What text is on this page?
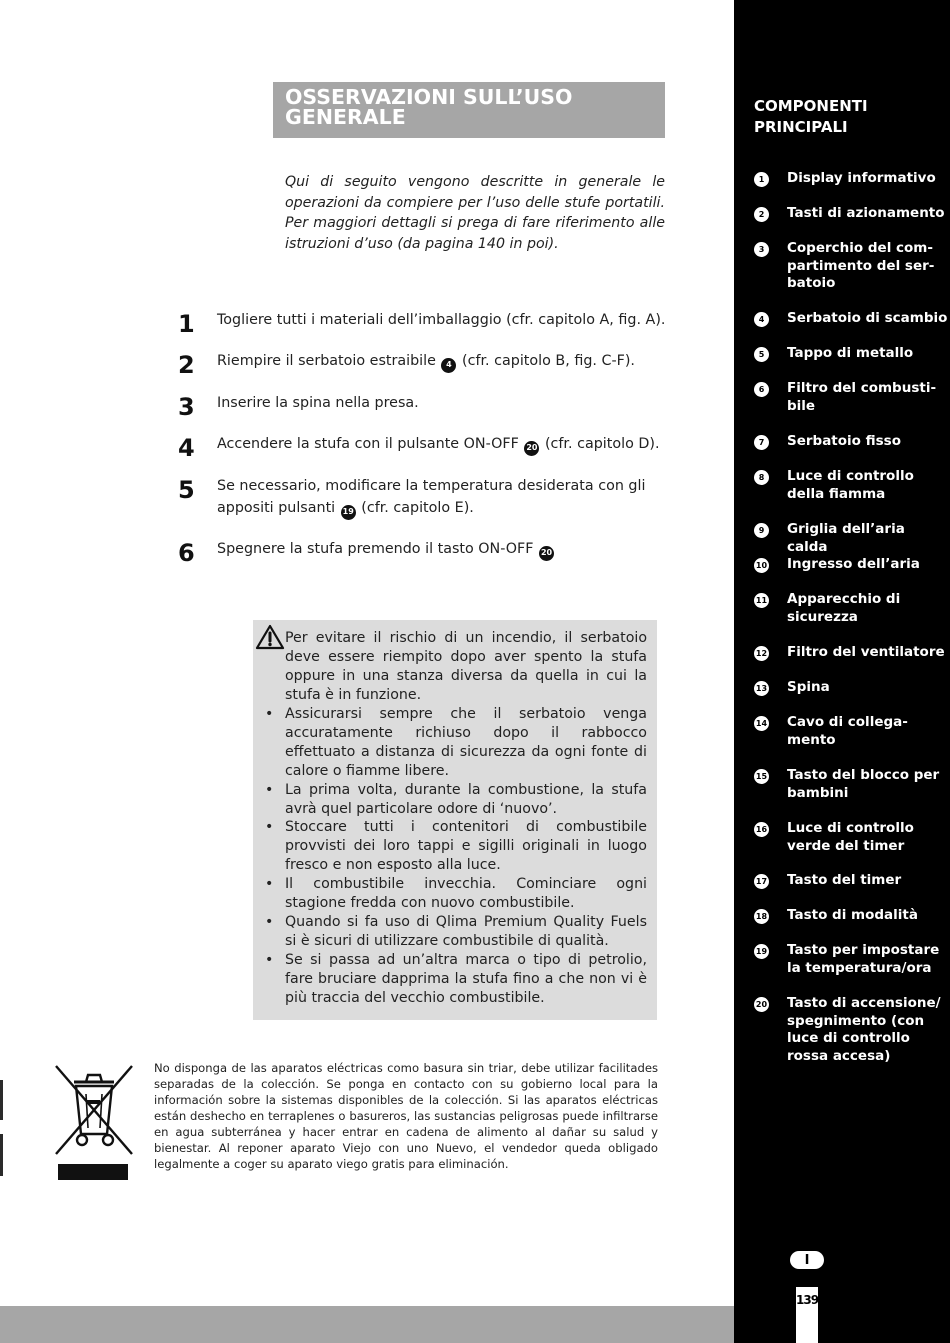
OSSERVAZIONI SULL’USO GENERALE
Qui di seguito vengono descritte in generale le operazioni da compiere per l’uso delle stufe portatili. Per maggiori dettagli si prega di fare riferimento alle istruzioni d’uso (da pagina 140 in poi).
1	Togliere tutti i materiali dell’imballaggio (cfr. capitolo A, fig. A).
2	Riempire il serbatoio estraibile 4 (cfr. capitolo B, fig. C-F).
3	Inserire la spina nella presa.
4	Accendere la stufa con il pulsante ON-OFF 20 (cfr. capitolo D).
5	Se necessario, modificare la temperatura desiderata con gli appositi pulsanti 19 (cfr. capitolo E).
6	Spegnere la stufa premendo il tasto ON-OFF 20
Per evitare il rischio di un incendio, il serbatoio deve essere riempito dopo aver spento la stufa oppure in una stanza diversa da quella in cui la stufa è in funzione.
• Assicurarsi sempre che il serbatoio venga accuratamente richiuso dopo il rabbocco effettuato a distanza di sicurezza da ogni fonte di calore o fiamme libere.
• La prima volta, durante la combustione, la stufa avrà quel particolare odore di ‘nuovo’.
• Stoccare tutti i contenitori di combustibile provvisti dei loro tappi e sigilli originali in luogo fresco e non esposto alla luce.
• Il combustibile invecchia. Cominciare ogni stagione fredda con nuovo combustibile.
• Quando si fa uso di Qlima Premium Quality Fuels si è sicuri di utilizzare combustibile di qualità.
• Se si passa ad un’altra marca o tipo di petrolio, fare bruciare dapprima la stufa fino a che non vi è più traccia del vecchio combustibile.
No disponga de las aparatos eléctricas como basura sin triar, debe utilizar facilitades separadas de la colección. Se ponga en contacto con su gobierno local para la información sobre la sistemas disponibles de la colección. Si las aparatos eléctricas están deshecho en terraplenes o basureros, las sustancias peligrosas puede infiltrarse en agua subterránea y hacer entrar en cadena de alimento al dañar su salud y bienestar. Al reponer aparato Viejo con uno Nuevo, el vendedor queda obligado legalmente a coger su aparato viego gratis para eliminación.
COMPONENTI PRINCIPALI
1	Display informativo
2	Tasti di azionamento
3	Coperchio del com- partimento del ser- batoio
4	Serbatoio di scambio
5	Tappo di metallo
6	Filtro del combusti- bile
7	Serbatoio fisso
8	Luce di controllo della fiamma
9	Griglia dell’aria calda
10 Ingresso dell’aria
11 Apparecchio di sicurezza
12 Filtro del ventilatore
13 Spina
14 Cavo di collega- mento
15 Tasto del blocco per bambini
16 Luce di controllo verde del timer
17 Tasto del timer
18 Tasto di modalità
19 Tasto per impostare la temperatura/ora
20 Tasto di accensione/ spegnimento (con luce di controllo rossa accesa)
I
139
